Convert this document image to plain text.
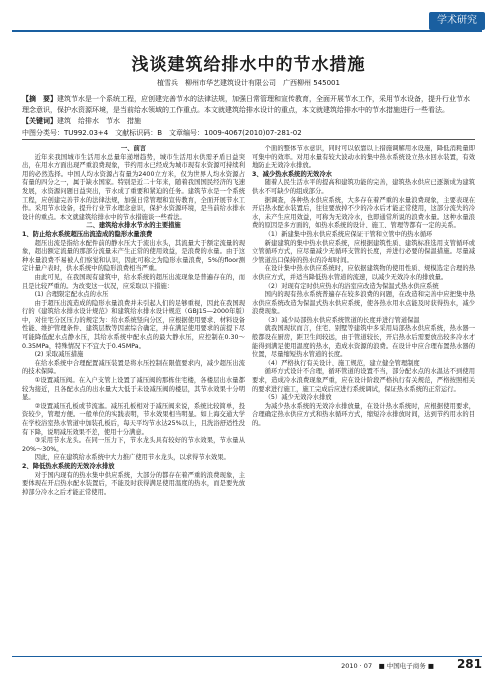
学术研究
浅谈建筑给排水中的节水措施
植雪兵　柳州市华艺建筑设计有限公司　广西柳州 545001
【摘　要】建筑节水是一个系统工程，应创建完善节水的法律法规，加强日常管理和宣传教育，全面开展节水工作，采用节水设备，提升行业节水理念意识，保护水资源环境，是当前给水领域的工作重点。本文就建筑给排水设计的重点，本文就建筑给排水中的节水措施进行一些看法。
【关键词】建筑　给排水　节水　措施
中图分类号：TU992.03+4　文献标识码：B　文章编号：1009-4067(2010)07-281-02

一、前言

近年来我国城市生活用水总量年递增趋势，城市生活用水供需矛盾日益突出，在用水方面出现严重浪费现象，节约用水已经成为城市现有水资源可持续利用的必然选择。中国人均水资源占有量为2400立方米，仅为世界人均水资源占有量的四分之一，属于缺水国家。特别是近二十年来，随着我国国民经济的飞速发展，水资源问题日益突出，节水成了重要和紧迫的任务。建筑节水是一个系统工程，应创建完善节水的法律法规，加强日常管理和宣传教育，全面开展节水工作。采用节水设备，提升行业节水理念意识，保护水资源环境，是当前给水排水设计的重点。本文就建筑给排水中的节水措施谈一些看法。

二、建筑给水排水节水的主要措施

1、防止给水系统超压出流造成的隐形水量浪费

超压出流是指给水配件前的静水压大于流出水头，其流量大于额定流量的现象，超出额定流量的那部分流量未产生正常的使用效益，是浪费的水量。由于这种水量浪费不易被人们察觉和认识，因此可称之为隐形水量浪费，5%的floor测定计量户表时，供水系统中的隐形浪费相当严重。

由此可见，在我国现有建筑中，给水系统的超压出流现象是普遍存在的，而且是比较严重的。为改变这一状况，应采取以下措施：

(1) 合理限定配水点的水压

由于超压出流造成的隐形水量浪费并未引起人们的足够重视，因此在我国现行的《建筑给水排水设计规范》和建筑给水排水设计规范（GBJ15—2000年版）中，对住宅分区压力的规定为：给水系统竖向分区，应根据使用要求、材料设备性能、维护管理条件、建筑层数等因素综合确定，并在满足使用要求的前提下尽可能降低配水点静水压，其给水系统中配水点的最大静水压，应控制在0.30～0.35MPa，特殊情况下不宜大于0.45MPa。

(2) 采取减压措施

在给水系统中合理配置减压装置是将水压控制在限值要求内，减少超压出流的技术保障。

①设置减压阀。在入户支管上设置了减压阀的那栋住宅楼，各楼层出水量都较为接近，且各配水点的出水量大大低于未设减压阀的楼层，其节水效果十分明显。

②设置减压孔板或节流塞。减压孔板相对于减压阀来说，系统比较简单，投资较少，管理方便。一般单位的实践表明，节水效果相当明显。如上海交通大学在学校浴室热水管道中加装孔板后，每天平均节水达25%以上，且洗浴舒适性没有下降，说明减压效果不差，使用十分满意。

③采用节水龙头。在同一压力下，节水龙头具有较好的节水效果，节水量从20%～30%。

因此，应在建筑给水系统中大力推广使用节水龙头，以求得节水效果。

2、降低热水系统的无效冷水排放

对于国内现有的热水集中供应系统，大部分的都存在着严重的浪费现象，主要体现在开启热水配水装置后，不能及时获得满足使用温度的热水，而是要先放掉部分冷水之后才能正常使用。

个面的整体节水意识，同时可以依靠以上措施调解用水设施，降低消耗量即可集中的效率。对用水量有较大波动水的集中热水系统设立热水回水装置，有效地防止无效冷水排放。

3、减少热水系统的无效冷水

随着人民生活水平的提高和建筑功能的完善，建筑热水供应已逐渐成为建筑供水不可缺少的组成部分。

据调查，各种热水供应系统，大多存在着严重的水量浪费现象，主要表现在开启热水配水装置后，往往要放掉不少的冷水后才能正常使用，这部分流失的冷水，未产生应用效益，可称为无效冷水，也即通常所说的浪费水量。这种水量浪费的原因是多方面的，如热水系统的设计、施工、管理等都有一定的关系。

（1）新建集中热水供应系统应保证干管和立管中的热水循环

新建建筑的集中热水供应系统，应根据建筑性质、建筑标准选用支管循环或立管循环方式，应尽量减少无循环支管的长度，并进行必要的保温措施。尽量减少管道出口保持的热水的冷却时间。

在设计集中热水供应系统时，应依据建筑物的使用性质、规模选定合理的热水供应方式，并适当降低热水管道的流速，以减少无效冷水的排放量。

（2）对现有定时供应热水的浴室应改造为保温式热水供应系统

国内的现有热水系统普遍存在较多浪费的问题，在改造和完善中应把集中热水供应系统改造为保温式热水供应系统，使各热水用水点能及时获得热水，减少浪费现象。

（3）减少局部热水供应系统管道的长度并进行管道保温

就我国现状而言，住宅、别墅等建筑中多采用局部热水供应系统，热水器一般都设在厨房，距卫生间较远，由于管道较长，开启热水后需要放出较多冷水才能得到满足使用温度的热水，造成水资源的浪费。在设计中应合理布置热水器的位置，尽量缩短热水管道的长度。

（4）严格执行有关设计、施工规范，建立健全管理制度

循环方式设计不合理，循环管道的设置不当，部分配水点的水温达不到使用要求，造成冷水浪费现象严重，应在设计阶段严格执行有关规范，严格按照相关的要求进行施工，施工完成后应进行系统调试，保证热水系统的正常运行。

（5）减少无效冷水排放

为减少热水系统的无效冷水排放量，在设计热水系统时，应根据使用要求，合理确定热水供应方式和热水循环方式，缩短冷水排放时间，达到节约用水的目的。

2010 · 07　■ 中国电子商务 ■ 281
